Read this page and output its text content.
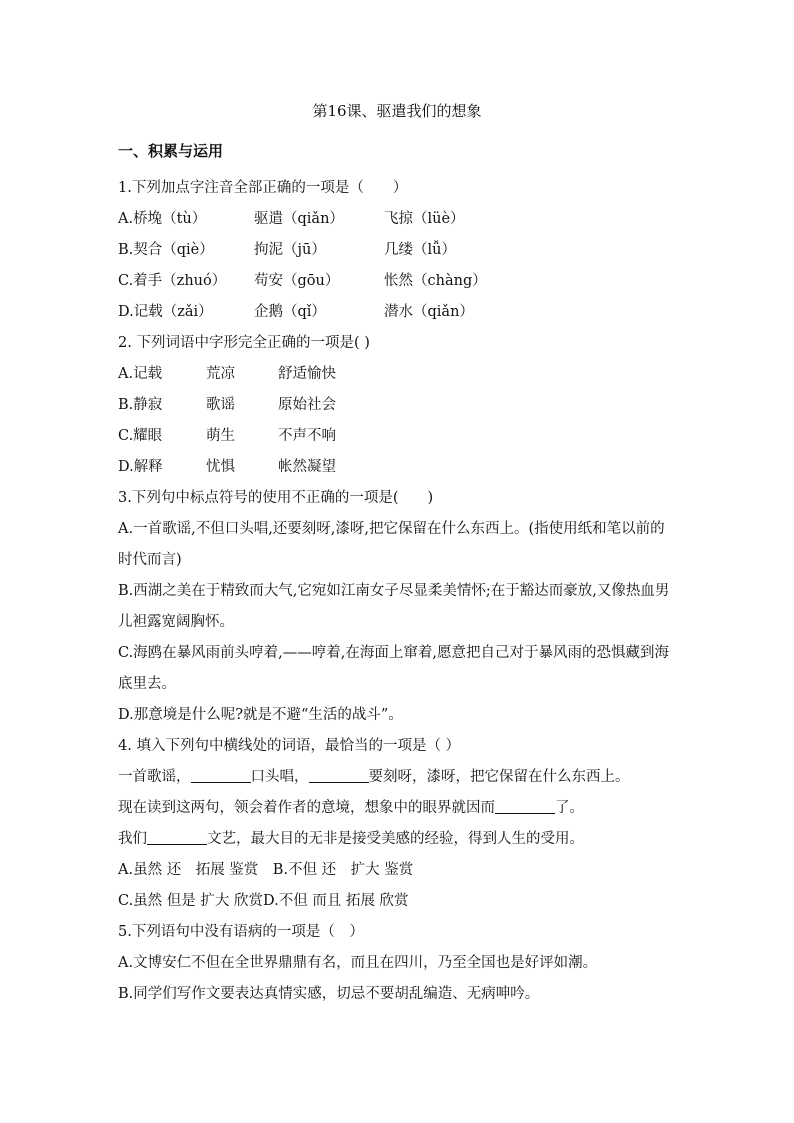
第16课、驱遣我们的想象
一、积累与运用
1.下列加点字注音全部正确的一项是（　　）
A.桥堍（tù）	驱遣（qiǎn）	飞掠（lüè）
B.契合（qiè）	拘泥（jū）	几缕（lǚ）
C.着手（zhuó） 苟安（gōu）	怅然（chàng）
D.记载（zǎi）	企鹅（qǐ）	潜水（qiǎn）
2. 下列词语中字形完全正确的一项是( )
A.记载	荒凉	舒适愉快
B.静寂	歌谣	原始社会
C.耀眼	萌生	不声不响
D.解释	忧惧	帐然凝望
3.下列句中标点符号的使用不正确的一项是(　　)
A.一首歌谣,不但口头唱,还要刻呀,漆呀,把它保留在什么东西上。(指使用纸和笔以前的时代而言)
B.西湖之美在于精致而大气,它宛如江南女子尽显柔美情怀;在于豁达而豪放,又像热血男儿袒露宽阔胸怀。
C.海鸥在暴风雨前头哼着,——哼着,在海面上窜着,愿意把自己对于暴风雨的恐惧藏到海底里去。
D.那意境是什么呢?就是不避“生活的战斗”。
4. 填入下列句中横线处的词语，最恰当的一项是（ ）
一首歌谣，	口头唱，	要刻呀，漆呀，把它保留在什么东西上。
现在读到这两句，领会着作者的意境，想象中的眼界就因而	了。
我们	文艺，最大目的无非是接受美感的经验，得到人生的受用。
A.虽然 还　拓展 鉴赏　B.不但 还　扩大 鉴赏
C.虽然 但是 扩大 欣赏D.不但 而且 拓展 欣赏
5.下列语句中没有语病的一项是（　）
A.文博安仁不但在全世界鼎鼎有名，而且在四川，乃至全国也是好评如潮。
B.同学们写作文要表达真情实感，切忌不要胡乱编造、无病呻吟。
